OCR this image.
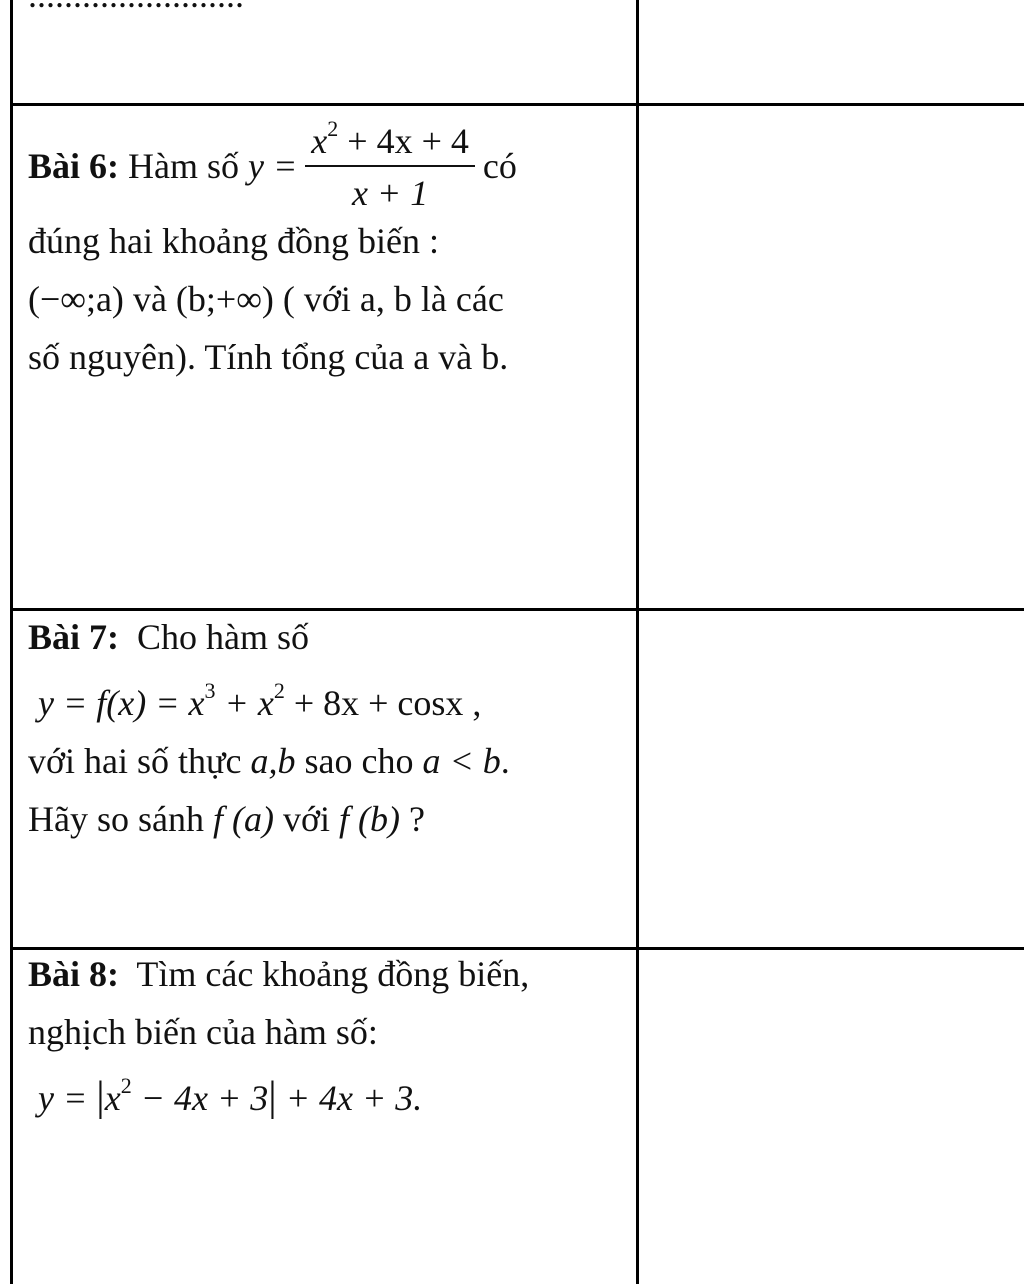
Bài 6:
Hàm số
$y = \frac{x^2 + 4x + 4}{x + 1}$ có
đúng hai khoảng đồng biến :
(−∞;a) và (b;+∞) ( với a, b là các
số nguyên). Tính tổng của a và b.
Bài 7: Cho hàm số
$y = f(x) = x^3 + x^2 + 8x + \cos x$ ,
với hai số thực a,b sao cho a < b.
Hãy so sánh f (a) với f (b) ?
Bài 8: Tìm các khoảng đồng biến,
nghịch biến của hàm số:
$y = |x^2 - 4x + 3| + 4x + 3$.
